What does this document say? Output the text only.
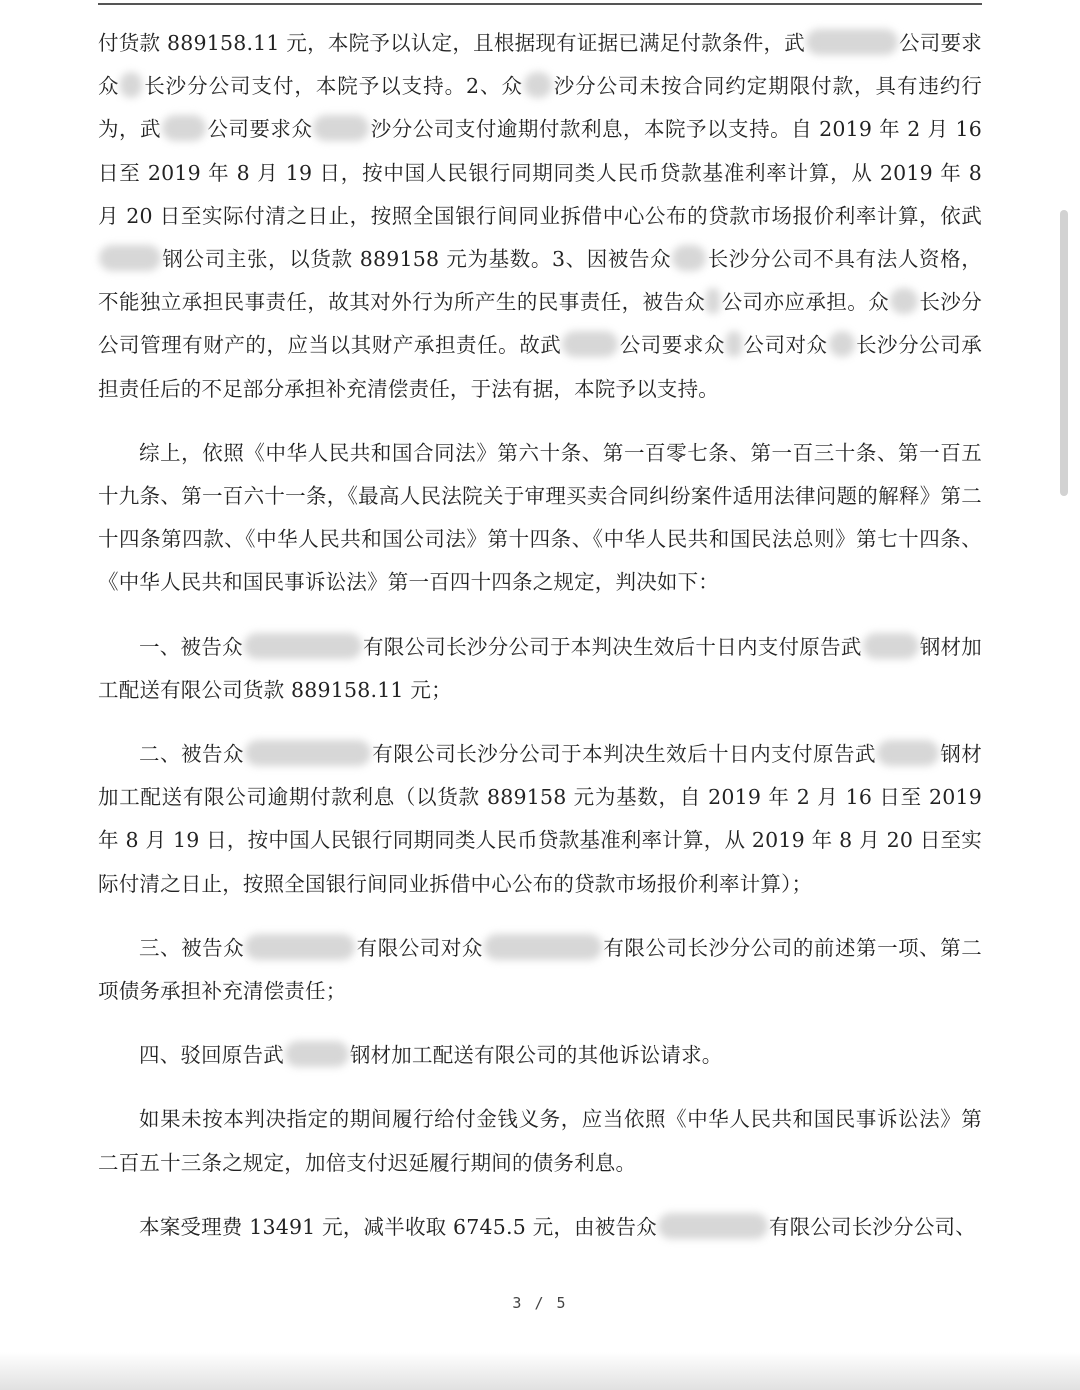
付货款 889158.11 元，本院予以认定，且根据现有证据已满足付款条件，武	公司要求众 长沙分公司支付，本院予以支持。2、众 沙分公司未按合同约定期限付款，具有违约行为，武 公司要求众	沙分公司支付逾期付款利息，本院予以支持。自 2019 年 2 月 16 日至 2019 年 8 月 19 日，按中国人民银行同期同类人民币贷款基准利率计算，从 2019 年 8 月 20 日至实际付清之日止，按照全国银行间同业拆借中心公布的贷款市场报价利率计算，依武钢公司主张，以货款 889158 元为基数。3、因被告众 长沙分公司不具有法人资格，不能独立承担民事责任，故其对外行为所产生的民事责任，被告众 公司亦应承担。众 长沙分公司管理有财产的，应当以其财产承担责任。故武	公司要求众 公司对众 长沙分公司承担责任后的不足部分承担补充清偿责任，于法有据，本院予以支持。

综上，依照《中华人民共和国合同法》第六十条、第一百零七条、第一百三十条、第一百五十九条、第一百六十一条，《最高人民法院关于审理买卖合同纠纷案件适用法律问题的解释》第二十四条第四款、《中华人民共和国公司法》第十四条、《中华人民共和国民法总则》第七十四条、《中华人民共和国民事诉讼法》第一百四十四条之规定，判决如下：

一、被告众	有限公司长沙分公司于本判决生效后十日内支付原告武	钢材加工配送有限公司货款 889158.11 元；

二、被告众	有限公司长沙分公司于本判决生效后十日内支付原告武	钢材加工配送有限公司逾期付款利息（以货款 889158 元为基数，自 2019 年 2 月 16 日至 2019 年 8 月 19 日，按中国人民银行同期同类人民币贷款基准利率计算，从 2019 年 8 月 20 日至实际付清之日止，按照全国银行间同业拆借中心公布的贷款市场报价利率计算）；

三、被告众	有限公司对众	有限公司长沙分公司的前述第一项、第二项债务承担补充清偿责任；

四、驳回原告武	钢材加工配送有限公司的其他诉讼请求。

如果未按本判决指定的期间履行给付金钱义务，应当依照《中华人民共和国民事诉讼法》第二百五十三条之规定，加倍支付迟延履行期间的债务利息。

本案受理费 13491 元，减半收取 6745.5 元，由被告众	有限公司长沙分公司、

3 / 5
